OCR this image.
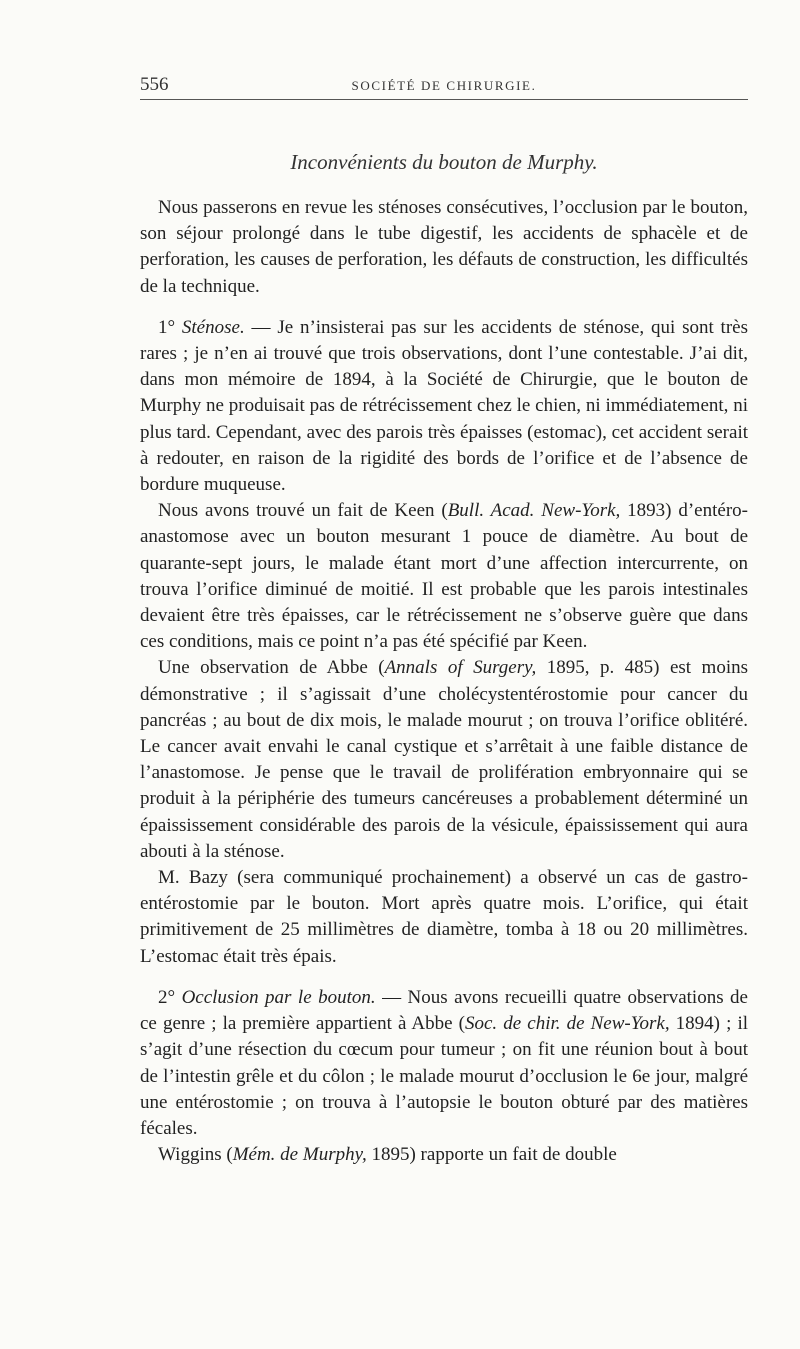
556	SOCIÉTÉ DE CHIRURGIE.
Inconvénients du bouton de Murphy.

Nous passerons en revue les sténoses consécutives, l’occlusion par le bouton, son séjour prolongé dans le tube digestif, les accidents de sphacèle et de perforation, les causes de perforation, les défauts de construction, les difficultés de la technique.

1° Sténose. — Je n’insisterai pas sur les accidents de sténose, qui sont très rares ; je n’en ai trouvé que trois observations, dont l’une contestable. J’ai dit, dans mon mémoire de 1894, à la Société de Chirurgie, que le bouton de Murphy ne produisait pas de rétrécissement chez le chien, ni immédiatement, ni plus tard. Cependant, avec des parois très épaisses (estomac), cet accident serait à redouter, en raison de la rigidité des bords de l’orifice et de l’absence de bordure muqueuse.

Nous avons trouvé un fait de Keen (Bull. Acad. New-York, 1893) d’entéro-anastomose avec un bouton mesurant 1 pouce de diamètre. Au bout de quarante-sept jours, le malade étant mort d’une affection intercurrente, on trouva l’orifice diminué de moitié. Il est probable que les parois intestinales devaient être très épaisses, car le rétrécissement ne s’observe guère que dans ces conditions, mais ce point n’a pas été spécifié par Keen.

Une observation de Abbe (Annals of Surgery, 1895, p. 485) est moins démonstrative ; il s’agissait d’une cholécystentérostomie pour cancer du pancréas ; au bout de dix mois, le malade mourut ; on trouva l’orifice oblitéré. Le cancer avait envahi le canal cystique et s’arrêtait à une faible distance de l’anastomose. Je pense que le travail de prolifération embryonnaire qui se produit à la périphérie des tumeurs cancéreuses a probablement déterminé un épaississement considérable des parois de la vésicule, épaississement qui aura abouti à la sténose.

M. Bazy (sera communiqué prochainement) a observé un cas de gastro-entérostomie par le bouton. Mort après quatre mois. L’orifice, qui était primitivement de 25 millimètres de diamètre, tomba à 18 ou 20 millimètres. L’estomac était très épais.

2° Occlusion par le bouton. — Nous avons recueilli quatre observations de ce genre ; la première appartient à Abbe (Soc. de chir. de New-York, 1894) ; il s’agit d’une résection du cœcum pour tumeur ; on fit une réunion bout à bout de l’intestin grêle et du côlon ; le malade mourut d’occlusion le 6e jour, malgré une entérostomie ; on trouva à l’autopsie le bouton obturé par des matières fécales.

Wiggins (Mém. de Murphy, 1895) rapporte un fait de double
